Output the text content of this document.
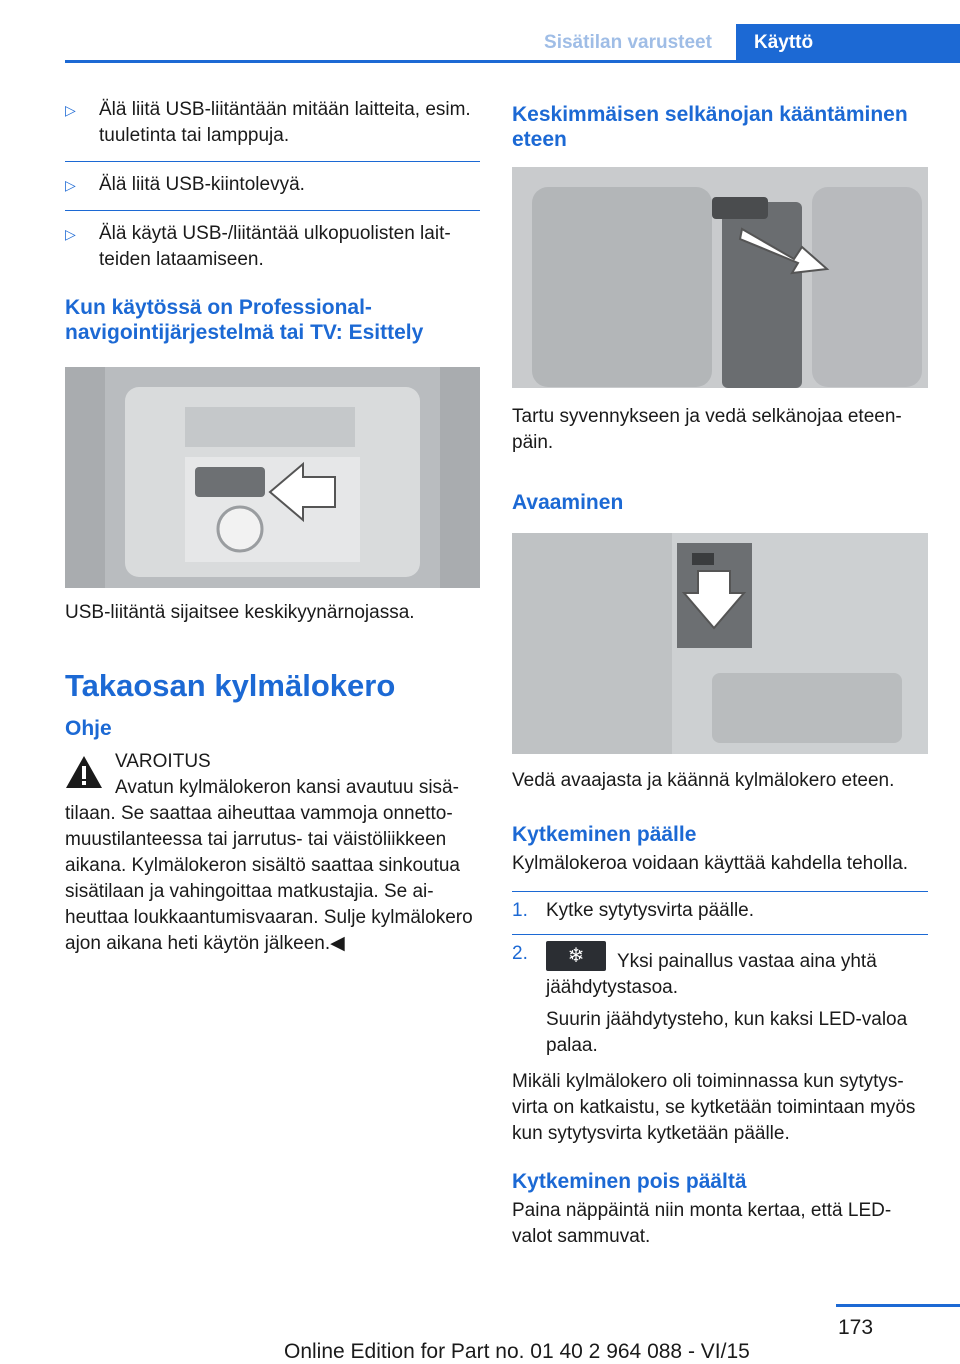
Sisätilan varusteet	Käyttö
▷ Älä liitä USB-liitäntään mitään laitteita, esim. tuuletinta tai lamppuja.
▷ Älä liitä USB-kiintolevyä.
▷ Älä käytä USB-/liitäntää ulkopuolisten laitteiden lataamiseen.
Kun käytössä on Professional-navigointijärjestelmä tai TV: Esittely
USB-liitäntä sijaitsee keskikyynärnojassa.
Takaosan kylmälokero
Ohje
VAROITUS
Avatun kylmälokeron kansi avautuu sisätilaan. Se saattaa aiheuttaa vammoja onnettomuustilanteessa tai jarrutus- tai väistöliikkeen aikana. Kylmälokeron sisältö saattaa sinkoutua sisätilaan ja vahingoittaa matkustajia. Se aiheuttaa loukkaantumisvaaran. Sulje kylmälokero ajon aikana heti käytön jälkeen.◀
Keskimmäisen selkänojan kääntäminen eteen
Tartu syvennykseen ja vedä selkänojaa eteenpäin.
Avaaminen
Vedä avaajasta ja käännä kylmälokero eteen.
Kytkeminen päälle
Kylmälokeroa voidaan käyttää kahdella teholla.
1. Kytke sytytysvirta päälle.
2.	❄	Yksi painallus vastaa aina yhtä jäähdytystasoa.
Suurin jäähdytysteho, kun kaksi LED-valoa palaa.
Mikäli kylmälokero oli toiminnassa kun sytytysvirta on katkaistu, se kytketään toimintaan myös kun sytytysvirta kytketään päälle.
Kytkeminen pois päältä
Paina näppäintä niin monta kertaa, että LED-valot sammuvat.
173
Online Edition for Part no. 01 40 2 964 088 - VI/15
